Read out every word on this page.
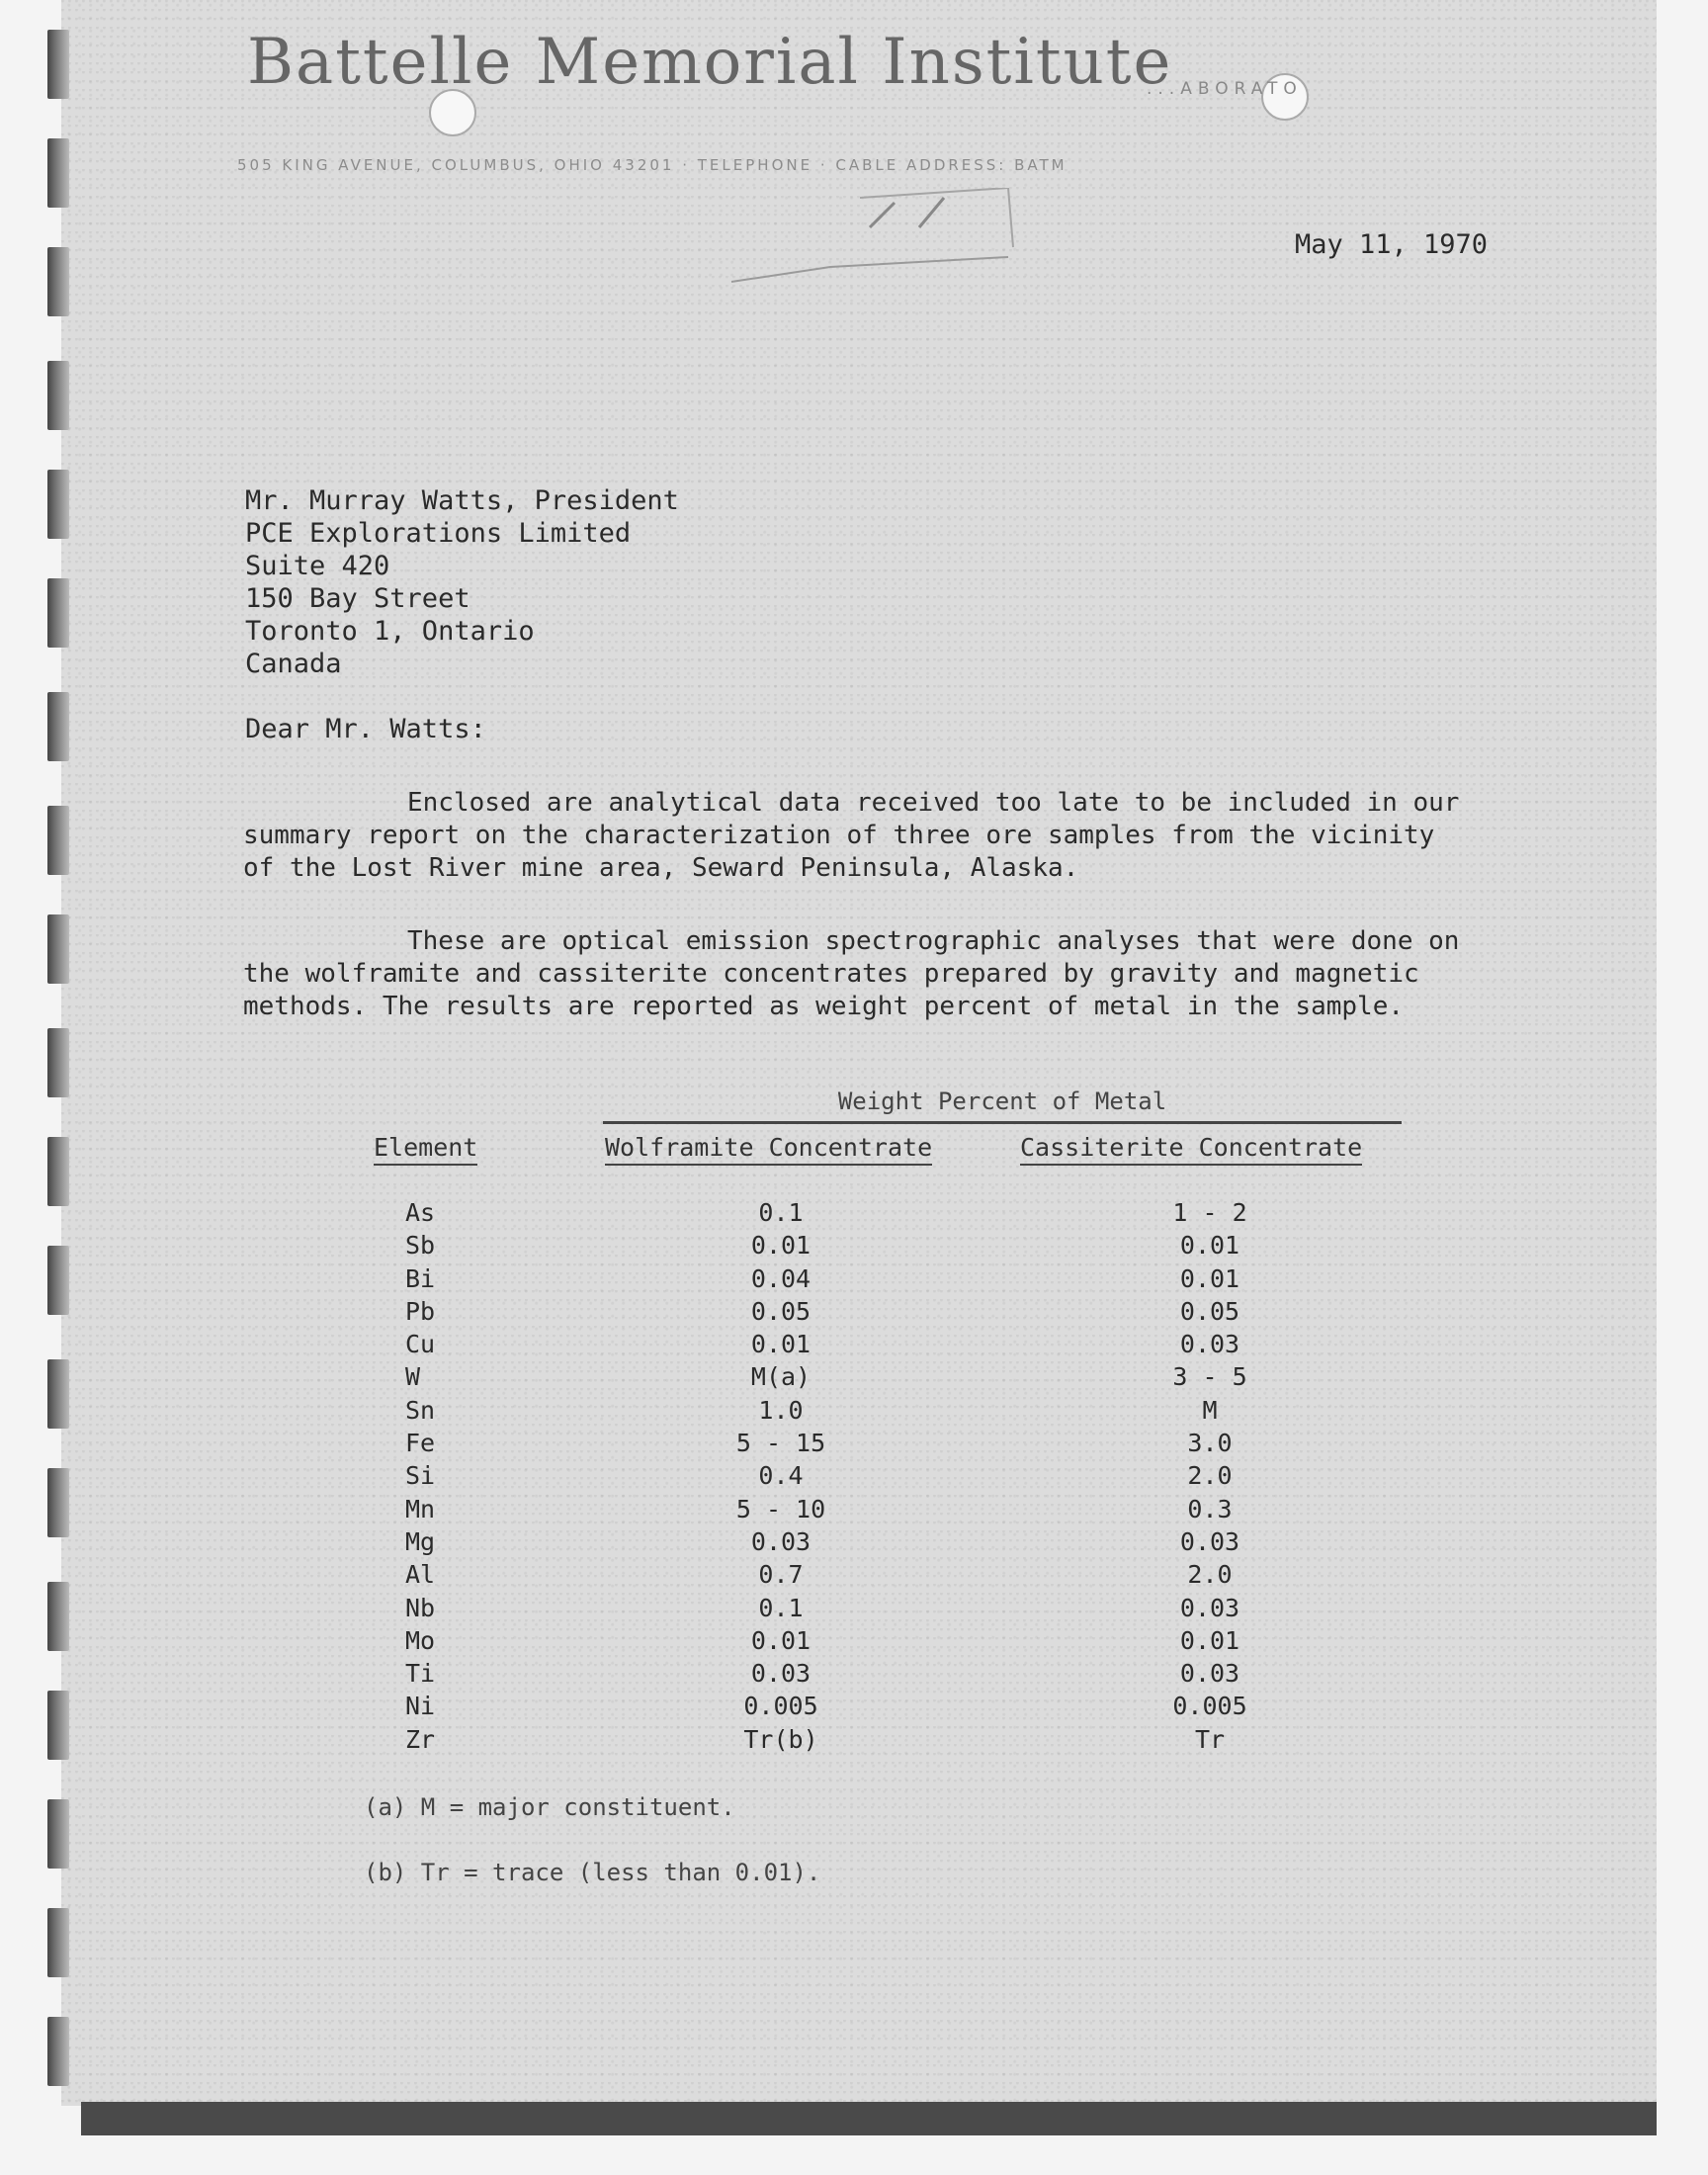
Battelle Memorial Institute
...ABORATO
505 KING AVENUE, COLUMBUS, OHIO 43201 · TELEPHONE · CABLE ADDRESS: BATM
May 11, 1970
Mr. Murray Watts, President
PCE Explorations Limited
Suite 420
150 Bay Street
Toronto 1, Ontario
Canada
Dear Mr. Watts:

Enclosed are analytical data received too late to be included in our

summary report on the characterization of three ore samples from the vicinity

of the Lost River mine area, Seward Peninsula, Alaska.

These are optical emission spectrographic analyses that were done on

the wolframite and cassiterite concentrates prepared by gravity and magnetic

methods. The results are reported as weight percent of metal in the sample.

Weight Percent of Metal
Element	Wolframite Concentrate	Cassiterite Concentrate
As	0.1	1 - 2
Sb	0.01	0.01
Bi	0.04	0.01
Pb	0.05	0.05
Cu	0.01	0.03
W	M(a)	3 - 5
Sn	1.0	M
Fe	5 - 15	3.0
Si	0.4	2.0
Mn	5 - 10	0.3
Mg	0.03	0.03
Al	0.7	2.0
Nb	0.1	0.03
Mo	0.01	0.01
Ti	0.03	0.03
Ni	0.005	0.005
Zr	Tr(b)	Tr
(a) M = major constituent.
(b) Tr = trace (less than 0.01).
